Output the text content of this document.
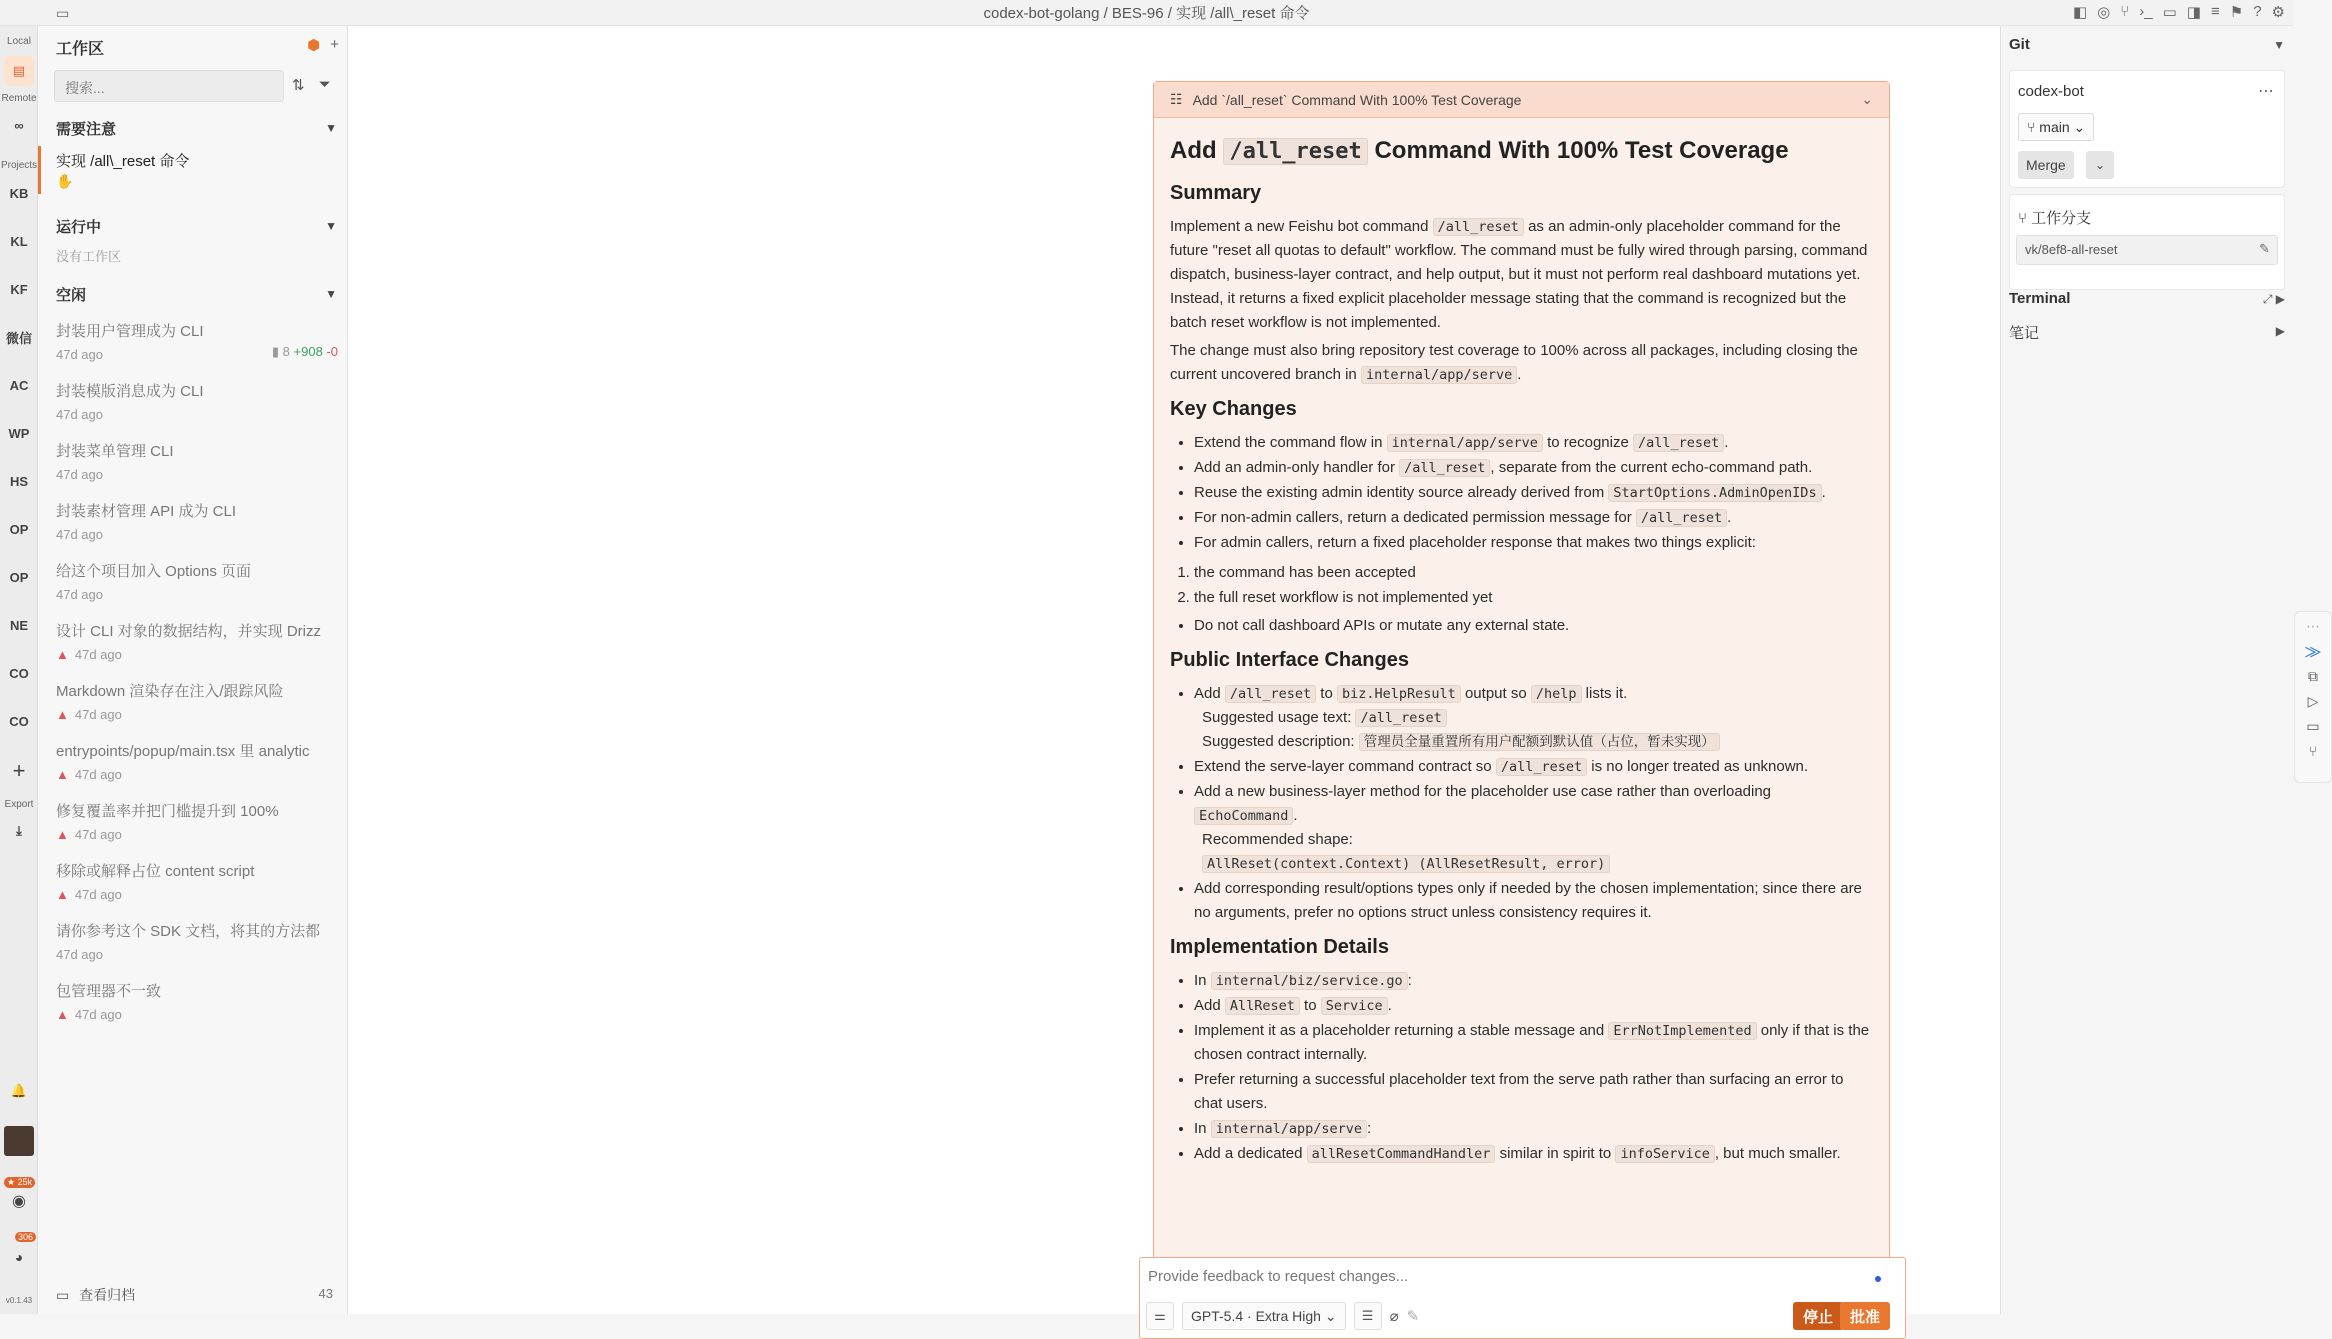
▭	codex-bot-golang / BES-96 / 实现 /all\_reset 命令	◧ ◎ ⑂ ›_ ▭ ◨ ≡ ⚑ ? ⚙
Local
▤
Remote
∞
Projects
KB
KL
KF
微信
AC
WP
HS
OP
OP
NE
CO
CO
+
Export
⤓
🔔
★ 25k
◉
306
◕
v0.1.43
工作区	⬢ +
搜索...	⇅ ⏷
需要注意	▼
实现 /all\_reset 命令
✋
运行中	▼
没有工作区
空闲	▼
封装用户管理成为 CLI
47d ago	▮ 8 +908 -0
封装模版消息成为 CLI
47d ago
封装菜单管理 CLI
47d ago
封装素材管理 API 成为 CLI
47d ago
给这个项目加入 Options 页面
47d ago
设计 CLI 对象的数据结构，并实现 Drizz
▲ 47d ago
Markdown 渲染存在注入/跟踪风险
▲ 47d ago
entrypoints/popup/main.tsx 里 analytic
▲ 47d ago
修复覆盖率并把门槛提升到 100%
▲ 47d ago
移除或解释占位 content script
▲ 47d ago
请你参考这个 SDK 文档，将其的方法都
47d ago
包管理器不一致
▲ 47d ago
▭ 查看归档	43
☷ Add `/all_reset` Command With 100% Test Coverage	⌄
Add /all_reset Command With 100% Test Coverage
Summary

Implement a new Feishu bot command /all_reset as an admin-only placeholder command for the future "reset all quotas to default" workflow. The command must be fully wired through parsing, command dispatch, business-layer contract, and help output, but it must not perform real dashboard mutations yet. Instead, it returns a fixed explicit placeholder message stating that the command is recognized but the batch reset workflow is not implemented.

The change must also bring repository test coverage to 100% across all packages, including closing the current uncovered branch in internal/app/serve .

Key Changes
• Extend the command flow in internal/app/serve to recognize /all_reset .
• Add an admin-only handler for /all_reset , separate from the current echo-command path.
• Reuse the existing admin identity source already derived from StartOptions.AdminOpenIDs .
• For non-admin callers, return a dedicated permission message for /all_reset .
• For admin callers, return a fixed placeholder response that makes two things explicit:
1. the command has been accepted
2. the full reset workflow is not implemented yet
• Do not call dashboard APIs or mutate any external state.
Public Interface Changes
• Add /all_reset to biz.HelpResult output so /help lists it.
Suggested usage text: /all_reset
Suggested description: 管理员全量重置所有用户配额到默认值（占位，暂未实现）
• Extend the serve-layer command contract so /all_reset is no longer treated as unknown.
• Add a new business-layer method for the placeholder use case rather than overloading EchoCommand .
Recommended shape:
AllReset(context.Context) (AllResetResult, error)
• Add corresponding result/options types only if needed by the chosen implementation; since there are no arguments, prefer no options struct unless consistency requires it.
Implementation Details
• In internal/biz/service.go :
• Add AllReset to Service .
• Implement it as a placeholder returning a stable message and ErrNotImplemented only if that is the chosen contract internally.
• Prefer returning a successful placeholder text from the serve path rather than surfacing an error to chat users.
• In internal/app/serve :
• Add a dedicated allResetCommandHandler similar in spirit to infoService , but much smaller.
Provide feedback to request changes...
⚌	GPT-5.4 · Extra High ⌄	☰	⌀ ✎	停止	批准
⋯
⨠
⧉
▷
▭
⑂
Git	▼
codex-bot	⋯
⑂ main ⌄
Merge	⌄
⑂ 工作分支
vk/8ef8-all-reset	✎
Terminal	⤢ ▶
笔记	▶
